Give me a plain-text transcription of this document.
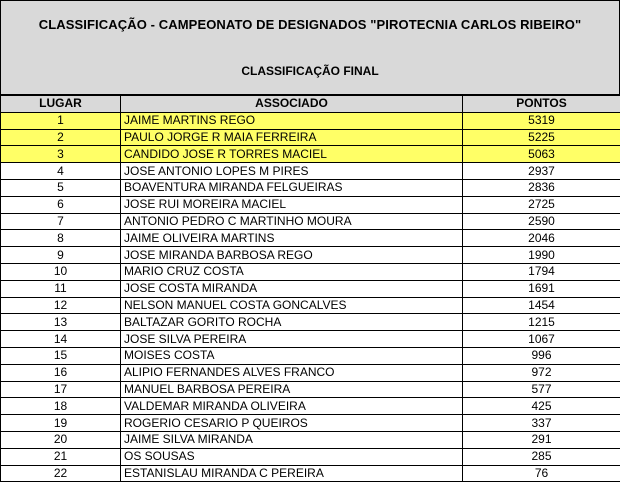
CLASSIFICAÇÃO - CAMPEONATO DE DESIGNADOS "PIROTECNIA CARLOS RIBEIRO"
CLASSIFICAÇÃO FINAL
LUGAR	ASSOCIADO	PONTOS
1	JAIME MARTINS REGO	5319
2	PAULO JORGE R MAIA FERREIRA	5225
3	CANDIDO JOSE R TORRES MACIEL	5063
4	JOSE ANTONIO LOPES M PIRES	2937
5	BOAVENTURA MIRANDA FELGUEIRAS	2836
6	JOSE RUI MOREIRA MACIEL	2725
7	ANTONIO PEDRO C MARTINHO MOURA	2590
8	JAIME OLIVEIRA MARTINS	2046
9	JOSE MIRANDA BARBOSA REGO	1990
10	MARIO CRUZ COSTA	1794
11	JOSE COSTA MIRANDA	1691
12	NELSON MANUEL COSTA GONCALVES	1454
13	BALTAZAR GORITO ROCHA	1215
14	JOSE SILVA PEREIRA	1067
15	MOISES COSTA	996
16	ALIPIO FERNANDES ALVES FRANCO	972
17	MANUEL BARBOSA PEREIRA	577
18	VALDEMAR MIRANDA OLIVEIRA	425
19	ROGERIO CESARIO P QUEIROS	337
20	JAIME SILVA MIRANDA	291
21	OS SOUSAS	285
22	ESTANISLAU MIRANDA C PEREIRA	76
